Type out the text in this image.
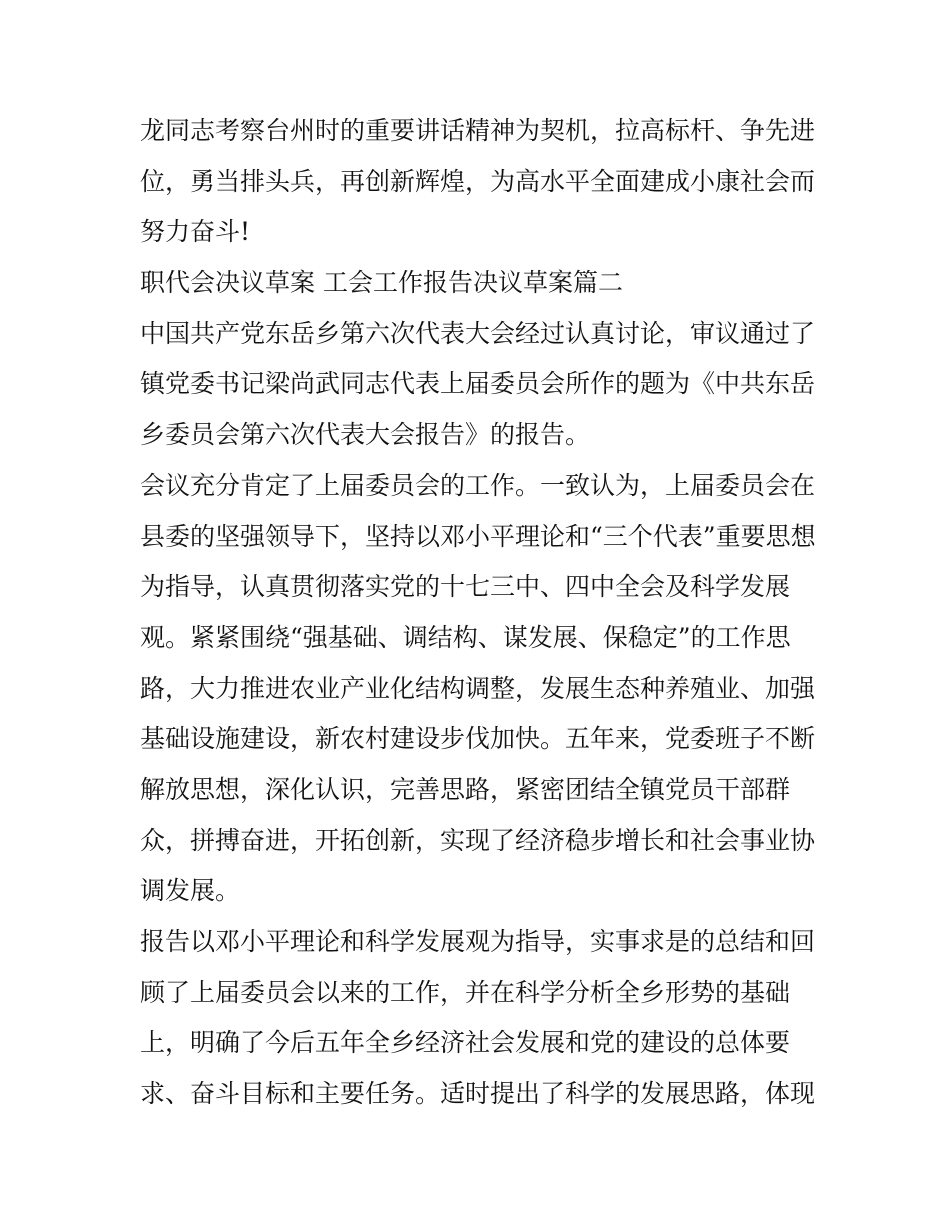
龙同志考察台州时的重要讲话精神为契机，拉高标杆、争先进
位，勇当排头兵，再创新辉煌，为高水平全面建成小康社会而
努力奋斗!
职代会决议草案 工会工作报告决议草案篇二
中国共产党东岳乡第六次代表大会经过认真讨论，审议通过了
镇党委书记梁尚武同志代表上届委员会所作的题为《中共东岳
乡委员会第六次代表大会报告》的报告。
会议充分肯定了上届委员会的工作。一致认为，上届委员会在
县委的坚强领导下，坚持以邓小平理论和“三个代表”重要思想
为指导，认真贯彻落实党的十七三中、四中全会及科学发展
观。紧紧围绕“强基础、调结构、谋发展、保稳定”的工作思
路，大力推进农业产业化结构调整，发展生态种养殖业、加强
基础设施建设，新农村建设步伐加快。五年来，党委班子不断
解放思想，深化认识，完善思路，紧密团结全镇党员干部群
众，拼搏奋进，开拓创新，实现了经济稳步增长和社会事业协
调发展。
报告以邓小平理论和科学发展观为指导，实事求是的总结和回
顾了上届委员会以来的工作，并在科学分析全乡形势的基础
上，明确了今后五年全乡经济社会发展和党的建设的总体要
求、奋斗目标和主要任务。适时提出了科学的发展思路，体现
